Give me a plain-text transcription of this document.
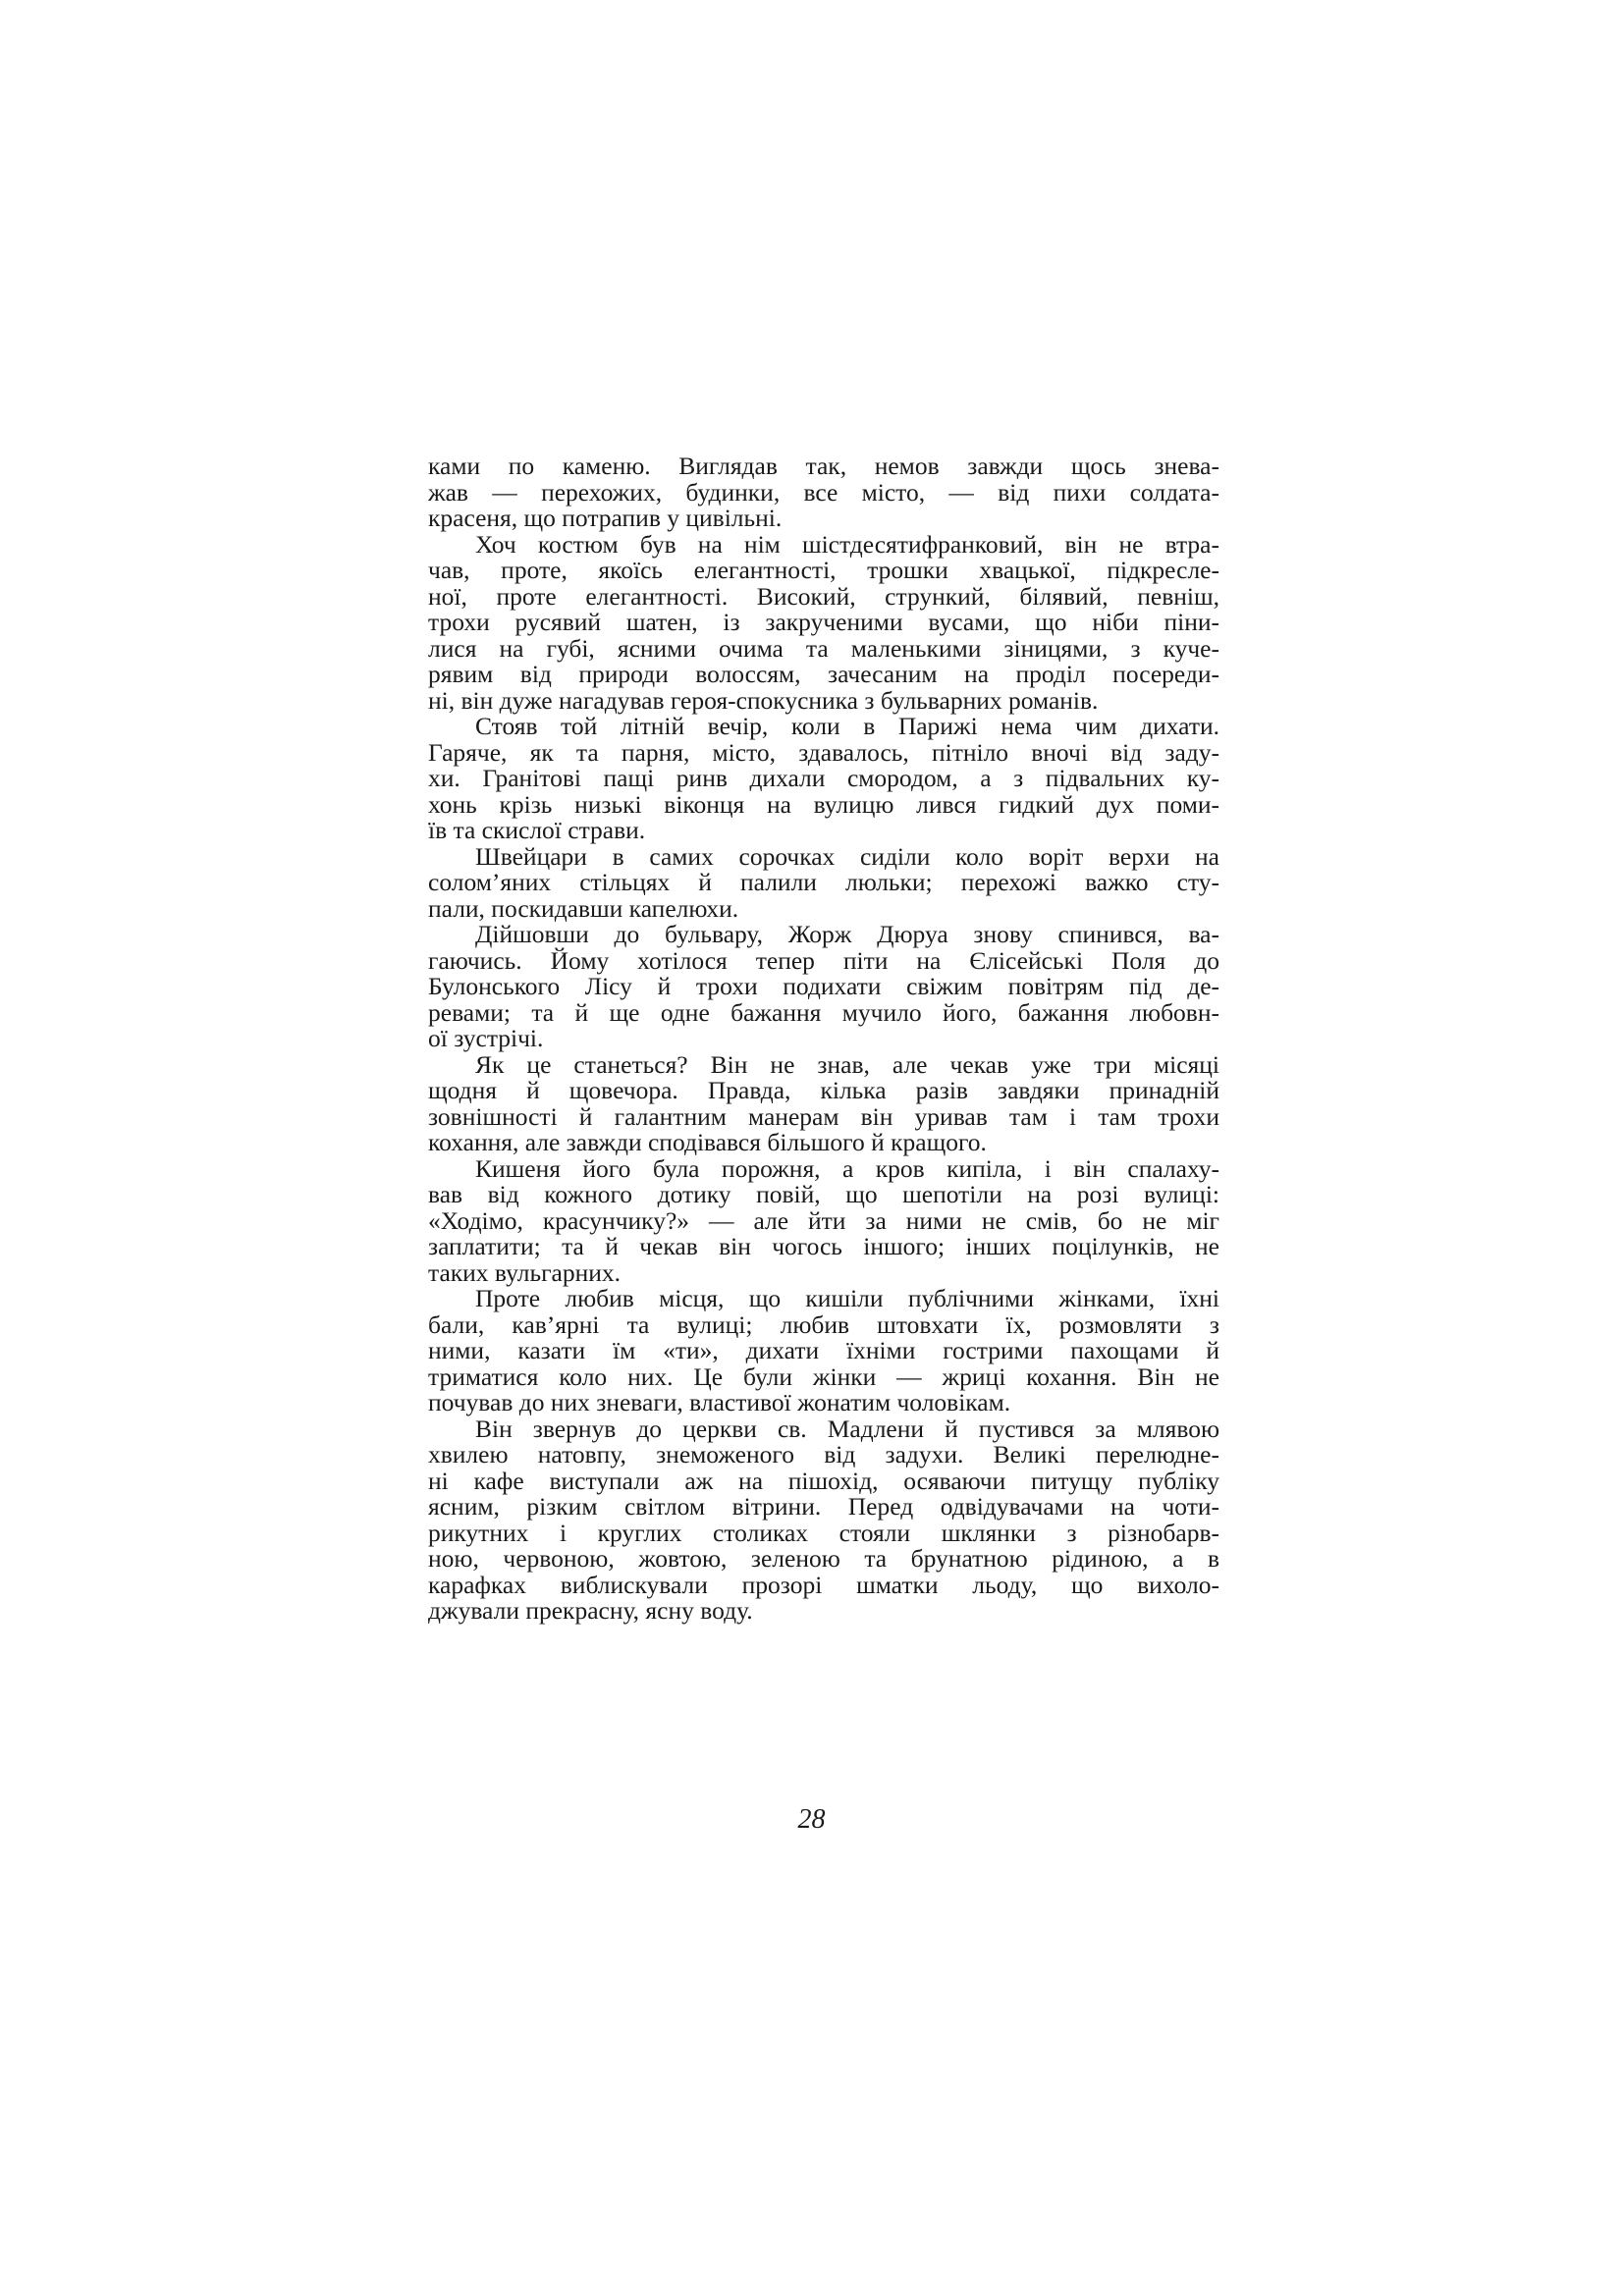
ками по каменю. Виглядав так, немов завжди щось знева-
жав — перехожих, будинки, все місто, — від пихи солдата-
красеня, що потрапив у цивільні.

Хоч костюм був на нім шістдесятифранковий, він не втра-
чав, проте, якоїсь елегантності, трошки хвацької, підкресле-
ної, проте елегантності. Високий, стрункий, білявий, певніш,
трохи русявий шатен, із закрученими вусами, що ніби піни-
лися на губі, ясними очима та маленькими зіницями, з куче-
рявим від природи волоссям, зачесаним на проділ посереди-
ні, він дуже нагадував героя-спокусника з бульварних романів.

Стояв той літній вечір, коли в Парижі нема чим дихати.
Гаряче, як та парня, місто, здавалось, пітніло вночі від заду-
хи. Гранітові пащі ринв дихали смородом, а з підвальних ку-
хонь крізь низькі віконця на вулицю лився гидкий дух поми-
їв та скислої страви.

Швейцари в самих сорочках сиділи коло воріт верхи на
солом’яних стільцях й палили люльки; перехожі важко сту-
пали, поскидавши капелюхи.

Дійшовши до бульвару, Жорж Дюруа знову спинився, ва-
гаючись. Йому хотілося тепер піти на Єлісейські Поля до
Булонського Лісу й трохи подихати свіжим повітрям під де-
ревами; та й ще одне бажання мучило його, бажання любовн-
ої зустрічі.

Як це станеться? Він не знав, але чекав уже три місяці
щодня й щовечора. Правда, кілька разів завдяки принадній
зовнішності й галантним манерам він уривав там і там трохи
кохання, але завжди сподівався більшого й кращого.

Кишеня його була порожня, а кров кипіла, і він спалаху-
вав від кожного дотику повій, що шепотіли на розі вулиці:
«Ходімо, красунчику?» — але йти за ними не смів, бо не міг
заплатити; та й чекав він чогось іншого; інших поцілунків, не
таких вульгарних.

Проте любив місця, що кишіли публічними жінками, їхні
бали, кав’ярні та вулиці; любив штовхати їх, розмовляти з
ними, казати їм «ти», дихати їхніми гострими пахощами й
триматися коло них. Це були жінки — жриці кохання. Він не
почував до них зневаги, властивої жонатим чоловікам.

Він звернув до церкви св. Мадлени й пустився за млявою
хвилею натовпу, знеможеного від задухи. Великі перелюдне-
ні кафе виступали аж на пішохід, осяваючи питущу публіку
ясним, різким світлом вітрини. Перед одвідувачами на чоти-
рикутних і круглих столиках стояли шклянки з різнобарв-
ною, червоною, жовтою, зеленою та брунатною рідиною, а в
карафках виблискували прозорі шматки льоду, що вихоло-
джували прекрасну, ясну воду.

28
